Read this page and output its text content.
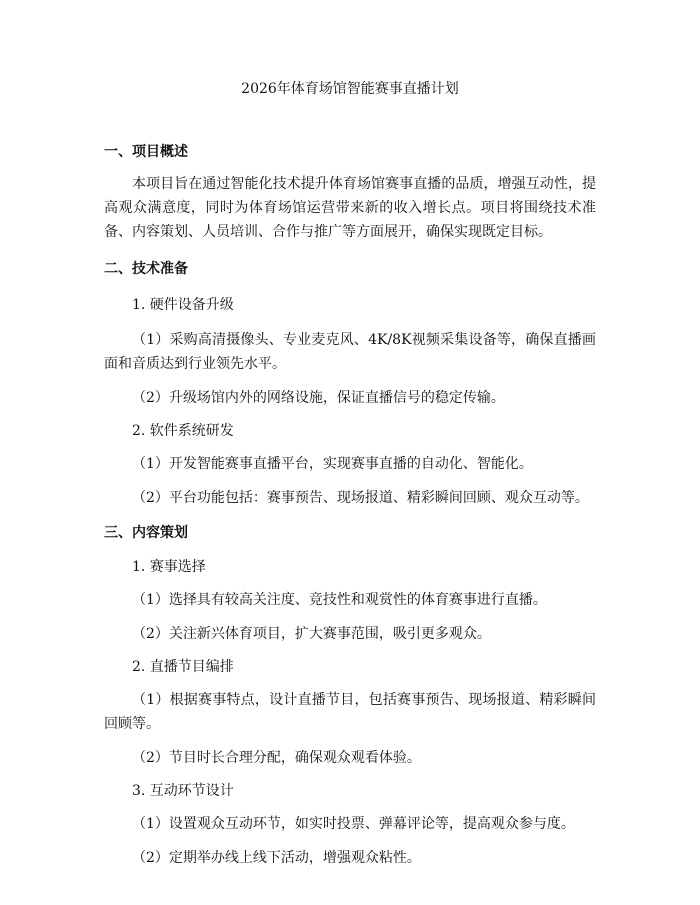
2026年体育场馆智能赛事直播计划

一、项目概述

本项目旨在通过智能化技术提升体育场馆赛事直播的品质，增强互动性，提高观众满意度，同时为体育场馆运营带来新的收入增长点。项目将围绕技术准备、内容策划、人员培训、合作与推广等方面展开，确保实现既定目标。

二、技术准备

1. 硬件设备升级

（1）采购高清摄像头、专业麦克风、4K/8K视频采集设备等，确保直播画面和音质达到行业领先水平。

（2）升级场馆内外的网络设施，保证直播信号的稳定传输。

2. 软件系统研发

（1）开发智能赛事直播平台，实现赛事直播的自动化、智能化。

（2）平台功能包括：赛事预告、现场报道、精彩瞬间回顾、观众互动等。

三、内容策划

1. 赛事选择

（1）选择具有较高关注度、竞技性和观赏性的体育赛事进行直播。

（2）关注新兴体育项目，扩大赛事范围，吸引更多观众。

2. 直播节目编排

（1）根据赛事特点，设计直播节目，包括赛事预告、现场报道、精彩瞬间回顾等。

（2）节目时长合理分配，确保观众观看体验。

3. 互动环节设计

（1）设置观众互动环节，如实时投票、弹幕评论等，提高观众参与度。

（2）定期举办线上线下活动，增强观众粘性。
